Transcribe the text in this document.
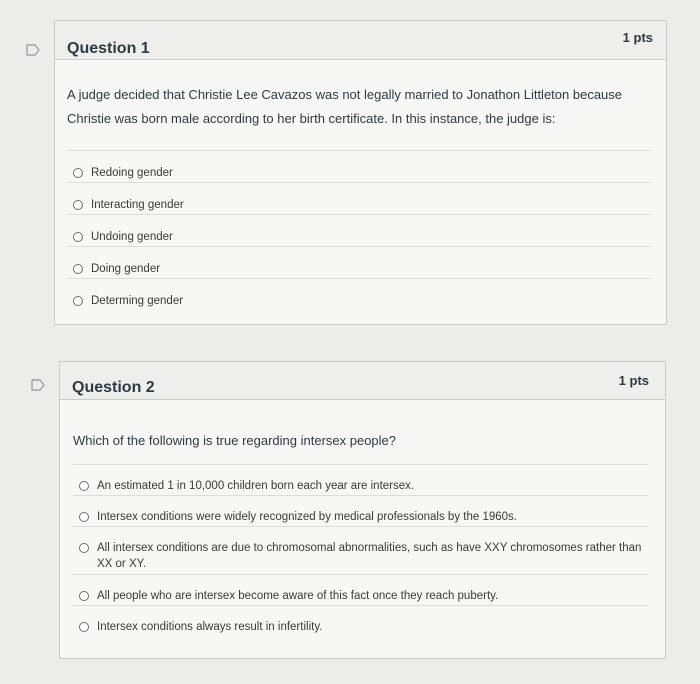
Question 1
1 pts
A judge decided that Christie Lee Cavazos was not legally married to Jonathon Littleton because Christie was born male according to her birth certificate. In this instance, the judge is:
Redoing gender
Interacting gender
Undoing gender
Doing gender
Determing gender
Question 2	1 pts
Which of the following is true regarding intersex people?
An estimated 1 in 10,000 children born each year are intersex.
Intersex conditions were widely recognized by medical professionals by the 1960s.
All intersex conditions are due to chromosomal abnormalities, such as have XXY chromosomes rather than XX or XY.
All people who are intersex become aware of this fact once they reach puberty.
Intersex conditions always result in infertility.
